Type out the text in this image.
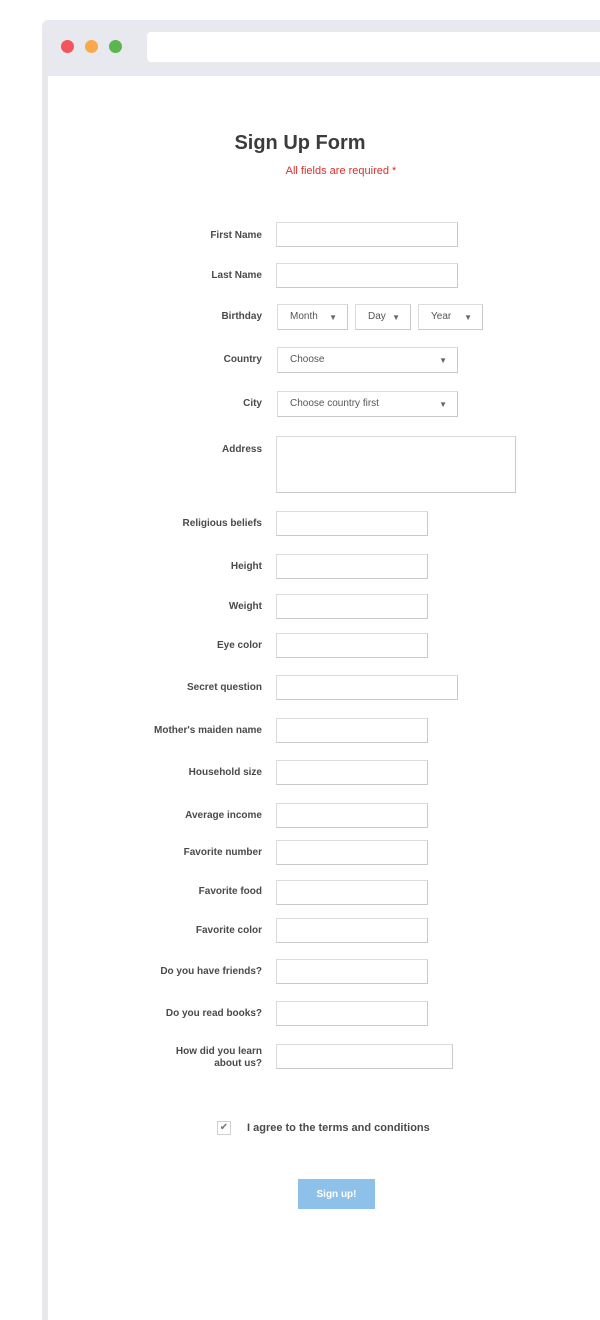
Sign Up Form
All fields are required *
First Name
Last Name
Birthday	Month ▼	Day ▼	Year ▼
Country	Choose	▼
City	Choose country first	▼
Address
Religious beliefs
Height
Weight
Eye color
Secret question
Mother's maiden name
Household size
Average income
Favorite number
Favorite food
Favorite color
Do you have friends?
Do you read books?
How did you learn
about us?
✔ I agree to the terms and conditions
Sign up!
